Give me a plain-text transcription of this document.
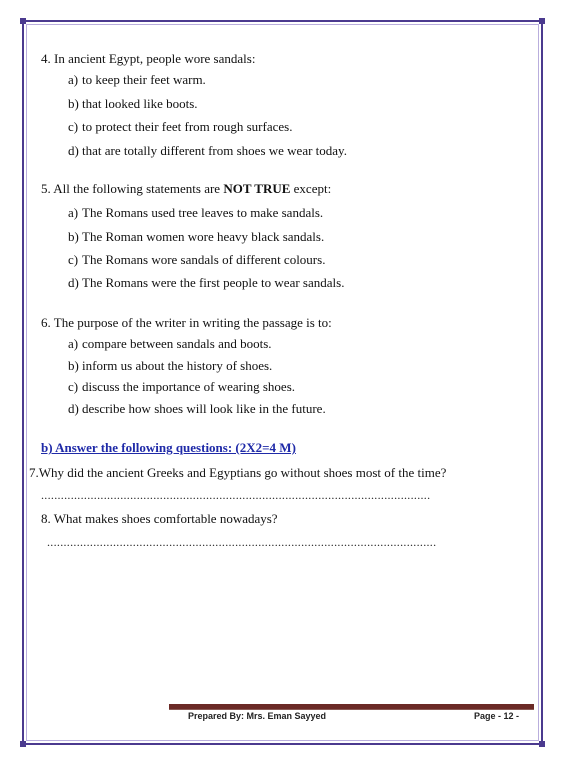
4. In ancient Egypt, people wore sandals:
a) to keep their feet warm.
b) that looked like boots.
c) to protect their feet from rough surfaces.
d) that are totally different from shoes we wear today.
5. All the following statements are NOT TRUE except:
a) The Romans used tree leaves to make sandals.
b) The Roman women wore heavy black sandals.
c) The Romans wore sandals of different colours.
d) The Romans were the first people to wear sandals.
6. The purpose of the writer in writing the passage is to:
a) compare between sandals and boots.
b) inform us about the history of shoes.
c) discuss the importance of wearing shoes.
d) describe how shoes will look like in the future.
b) Answer the following questions: (2X2=4 M)
7.Why did the ancient Greeks and Egyptians go without shoes most of the time?
......................................................................................................................
8. What makes shoes comfortable nowadays?
......................................................................................................................
Prepared By: Mrs. Eman Sayyed	Page - 12 -
